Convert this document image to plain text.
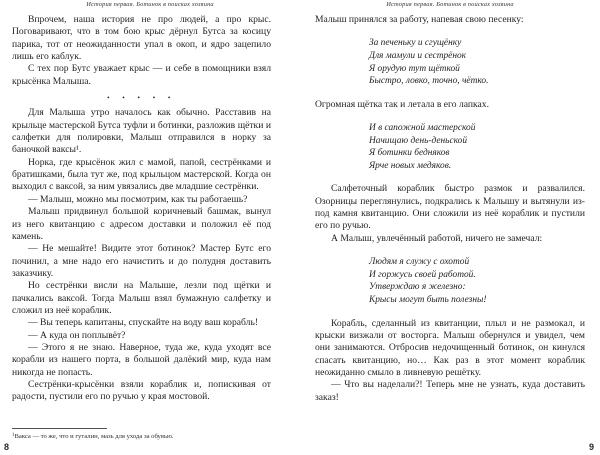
История первая. Ботинок в поисках хозяина

Впрочем, наша история не про людей, а про крыс. Поговаривают, что в том бою крыс дёрнул Бутса за косицу парика, тот от неожиданности упал в окоп, и ядро зацепило лишь его каблук.

С тех пор Бутс уважает крыс — и себе в помощники взял крысёнка Малыша.

• • • • •

Для Малыша утро началось как обычно. Расставив на крыльце мастерской Бутса туфли и ботинки, разложив щётки и салфетки для полировки, Малыш отправился в норку за баночкой ваксы¹.

Норка, где крысёнок жил с мамой, папой, сестрёнками и братишками, была тут же, под крыльцом мастерской. Когда он выходил с ваксой, за ним увязались две младшие сестрёнки.

— Малыш, можно мы посмотрим, как ты работаешь?

Малыш придвинул большой коричневый башмак, вынул из него квитанцию с адресом доставки и положил её под камень.

— Не мешайте! Видите этот ботинок? Мастер Бутс его починил, а мне надо его начистить и до полудня доставить заказчику.

Но сестрёнки висли на Малыше, лезли под щётки и пачкались ваксой. Тогда Малыш взял бумажную салфетку и сложил из неё кораблик.

— Вы теперь капитаны, спускайте на воду ваш корабль!

— А куда он поплывёт?

— Этого я не знаю. Наверное, туда же, куда уходят все корабли из нашего порта, в большой далёкий мир, куда нам никогда не попасть.

Сестрёнки-крысёнки взяли кораблик и, попискивая от радости, пустили его по ручью у края мостовой.

$^1$Вакса — то же, что и гуталин, мазь для ухода за обувью.
8
История первая. Ботинок в поисках хозяина

Малыш принялся за работу, напевая свою песенку:

За печеньку и сгущёнку
Для мамули и сестрёнок
Я орудую тут щёткой
Быстро, ловко, точно, чётко.

Огромная щётка так и летала в его лапках.

И в сапожной мастерской
Начищаю день-деньской
Я ботинки бедняков
Ярче новых медяков.

Салфеточный кораблик быстро размок и развалился. Озорницы переглянулись, подкрались к Малышу и вытянули из-под камня квитанцию. Они сложили из неё кораблик и пустили его по ручью.

А Малыш, увлечённый работой, ничего не замечал:

Людям я служу с охотой
И горжусь своей работой.
Утверждаю я железно:
Крысы могут быть полезны!

Корабль, сделанный из квитанции, плыл и не размокал, и крыски визжали от восторга. Малыш обернулся и увидел, чем они занимаются. Отбросив недочищенный ботинок, он кинулся спасать квитанцию, но… Как раз в этот момент кораблик неожиданно смыло в ливневую решётку.

— Что вы наделали?! Теперь мне не узнать, куда доставить заказ!

9
